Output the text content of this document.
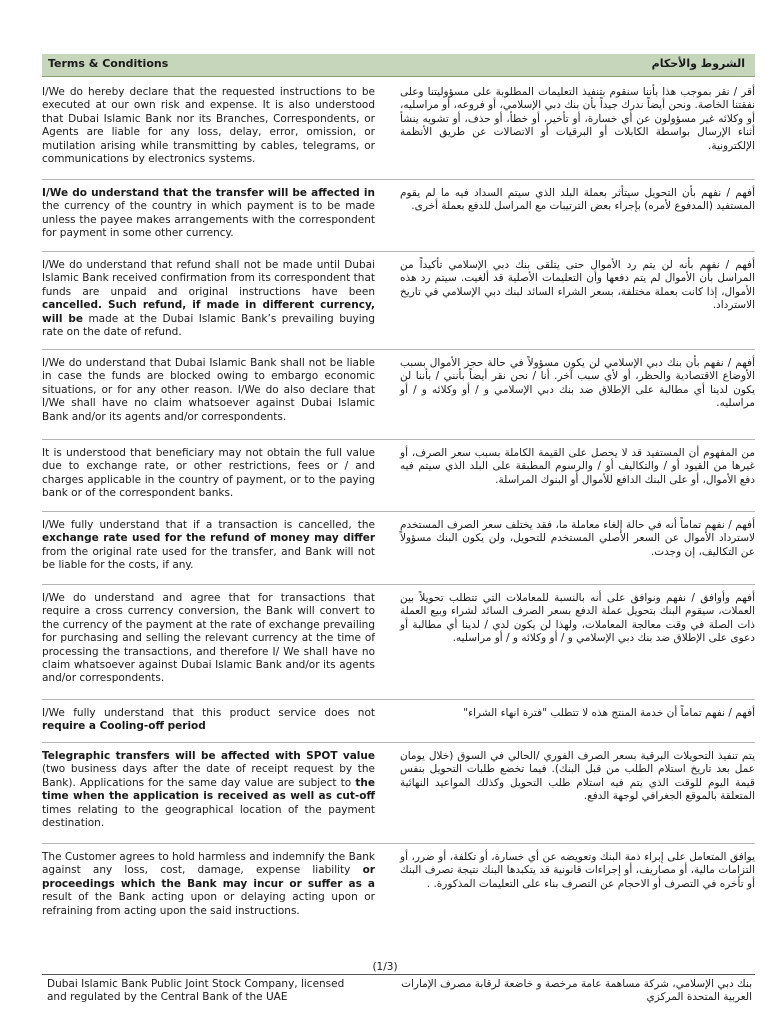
Terms & Conditions	الشروط والأحكام
I/We do hereby declare that the requested instructions to be executed at our own risk and expense. It is also understood that Dubai Islamic Bank nor its Branches, Correspondents, or Agents are liable for any loss, delay, error, omission, or mutilation arising while transmitting by cables, telegrams, or communications by electronics systems.
أقر / نقر بموجب هذا بأننا سنقوم بتنفيذ التعليمات المطلوبة على مسؤوليتنا وعلى نفقتنا الخاصة. ونحن أيضاً ندرك جيداً بأن بنك دبي الإسلامي، أو فروعه، أو مراسليه، أو وكلائه غير مسؤولون عن أي خسارة، أو تأخير، أو خطأ، أو حذف، أو تشويه ينشأ أثناء الإرسال بواسطة الكابلات أو البرقيات أو الاتصالات عن طريق الأنظمة الإلكترونية.
I/We do understand that the transfer will be affected in the currency of the country in which payment is to be made unless the payee makes arrangements with the correspondent for payment in some other currency.
أفهم / نفهم بأن التحويل سيتأثر بعملة البلد الذي سيتم السداد فيه ما لم يقوم المستفيد (المدفوع لأمره) بإجراء بعض الترتيبات مع المراسل للدفع بعملة أخرى.
I/We do understand that refund shall not be made until Dubai Islamic Bank received confirmation from its correspondent that funds are unpaid and original instructions have been cancelled. Such refund, if made in different currency, will be made at the Dubai Islamic Bank’s prevailing buying rate on the date of refund.
أفهم / نفهم بأنه لن يتم رد الأموال حتى يتلقى بنك دبي الإسلامي تأكيداً من المراسل بأن الأموال لم يتم دفعها وأن التعليمات الأصلية قد ألغيت. سيتم رد هذه الأموال، إذا كانت بعملة مختلفة، بسعر الشراء السائد لبنك دبي الإسلامي في تاريخ الاسترداد.
I/We do understand that Dubai Islamic Bank shall not be liable in case the funds are blocked owing to embargo economic situations, or for any other reason. I/We do also declare that I/We shall have no claim whatsoever against Dubai Islamic Bank and/or its agents and/or correspondents.
أفهم / نفهم بأن بنك دبي الإسلامي لن يكون مسؤولاً في حالة حجز الأموال بسبب الأوضاع الاقتصادية والحظر، أو لأي سبب آخر. أنا / نحن نقر أيضاً بأنني / بأننا لن يكون لدينا أي مطالبة على الإطلاق ضد بنك دبي الإسلامي و / أو وكلائه و / أو مراسليه.
It is understood that beneficiary may not obtain the full value due to exchange rate, or other restrictions, fees or / and charges applicable in the country of payment, or to the paying bank or of the correspondent banks.
من المفهوم أن المستفيد قد لا يحصل على القيمة الكاملة بسبب سعر الصرف، أو غيرها من القيود أو / والتكاليف أو / والرسوم المطبقة على البلد الذي سيتم فيه دفع الأموال، أو على البنك الدافع للأموال أو البنوك المراسلة.
I/We fully understand that if a transaction is cancelled, the exchange rate used for the refund of money may differ from the original rate used for the transfer, and Bank will not be liable for the costs, if any.
أفهم / نفهم تماماً أنه في حالة إلغاء معاملة ما، فقد يختلف سعر الصرف المستخدم لاسترداد الأموال عن السعر الأصلي المستخدم للتحويل، ولن يكون البنك مسؤولاً عن التكاليف، إن وجدت.
I/We do understand and agree that for transactions that require a cross currency conversion, the Bank will convert to the currency of the payment at the rate of exchange prevailing for purchasing and selling the relevant currency at the time of processing the transactions, and therefore I/ We shall have no claim whatsoever against Dubai Islamic Bank and/or its agents and/or correspondents.
أفهم وأوافق / نفهم ونوافق على أنه بالنسبة للمعاملات التي تتطلب تحويلاً بين العملات، سيقوم البنك بتحويل عملة الدفع بسعر الصرف السائد لشراء وبيع العملة ذات الصلة في وقت معالجة المعاملات، ولهذا لن يكون لدي / لدينا أي مطالبة أو دعوى على الإطلاق ضد بنك دبي الإسلامي و / أو وكلائه و / أو مراسليه.
I/We fully understand that this product service does not require a Cooling-off period
أفهم / نفهم تماماً أن خدمة المنتج هذه لا تتطلب "فترة انهاء الشراء"
Telegraphic transfers will be affected with SPOT value (two business days after the date of receipt request by the Bank). Applications for the same day value are subject to the time when the application is received as well as cut-off times relating to the geographical location of the payment destination.
يتم تنفيذ التحويلات البرقية بسعر الصرف الفوري /الحالي في السوق (خلال يومان عمل بعد تاريخ استلام الطلب من قبل البنك). فيما تخضع طلبات التحويل بنفس قيمة اليوم للوقت الذي يتم فيه استلام طلب التحويل وكذلك المواعيد النهائية المتعلقة بالموقع الجغرافي لوجهة الدفع.
The Customer agrees to hold harmless and indemnify the Bank against any loss, cost, damage, expense liability or proceedings which the Bank may incur or suffer as a result of the Bank acting upon or delaying acting upon or refraining from acting upon the said instructions.
يوافق المتعامل على إبراء ذمة البنك وتعويضه عن أي خسارة، أو تكلفة، أو ضرر، أو التزامات مالية، أو مصاريف، أو إجراءات قانونية قد يتكبدها البنك نتيجة تصرف البنك أو تأخره في التصرف أو الاحجام عن التصرف بناء على التعليمات المذكورة. .
(1/3)
Dubai Islamic Bank Public Joint Stock Company, licensed and regulated by the Central Bank of the UAE
بنك دبي الإسلامي، شركة مساهمة عامة مرخصة و خاضعة لرقابة مصرف الإمارات العربية المتحدة المركزي
